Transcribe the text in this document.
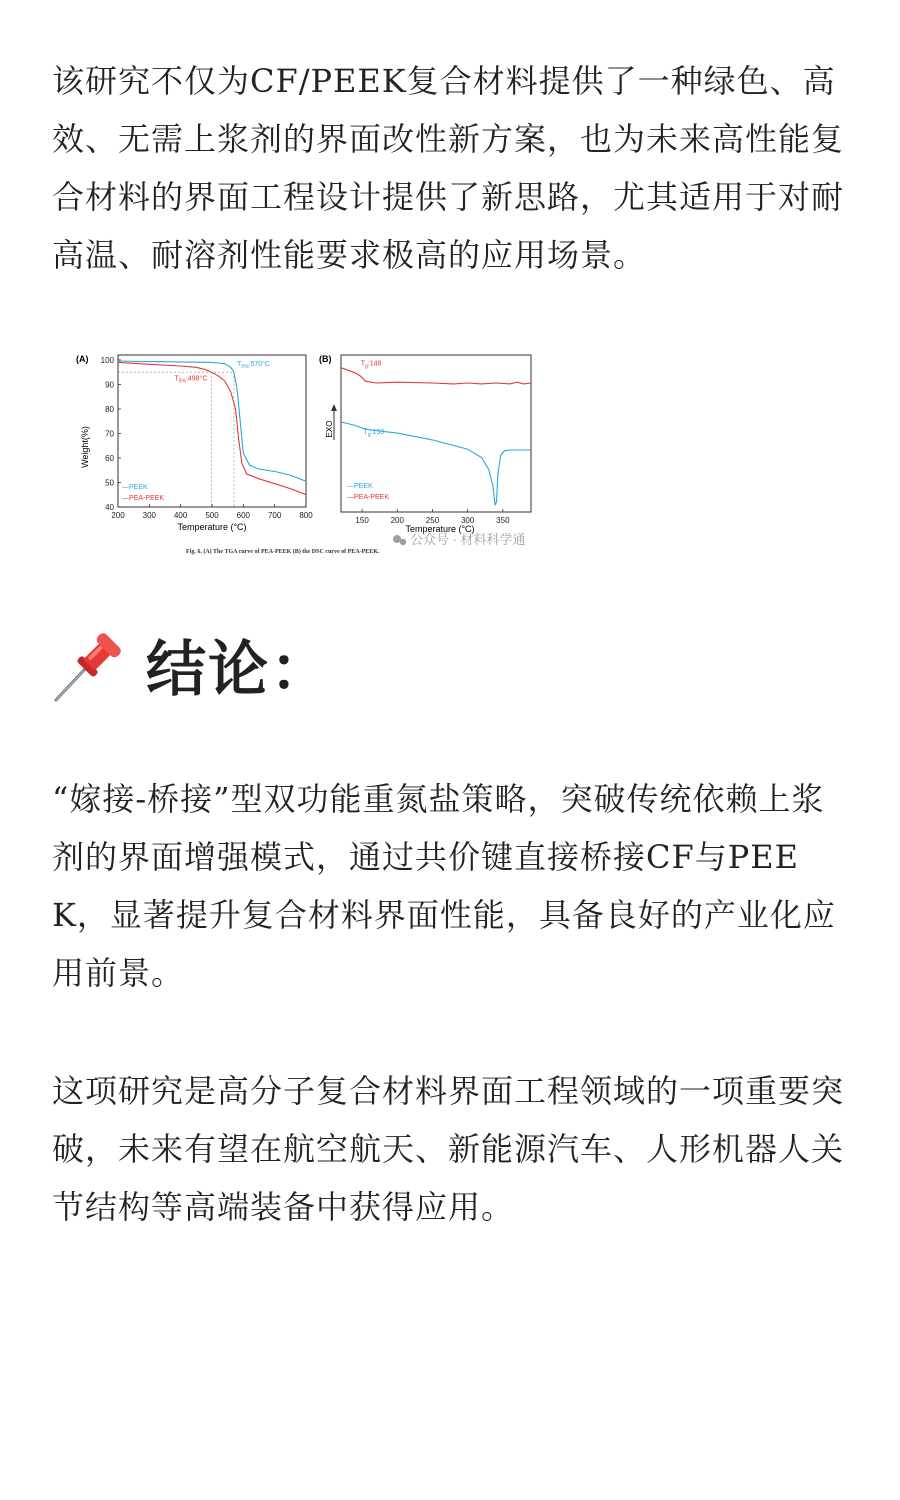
该研究不仅为CF/PEEK复合材料提供了一种绿色、高效、无需上浆剂的界面改性新方案，也为未来高性能复合材料的界面工程设计提供了新思路，尤其适用于对耐高温、耐溶剂性能要求极高的应用场景。

(A)
200 300 400 500 600 700 800
40
50
60
70
80
90
100	$T_{5\%}:570^\circ C$
$T_{5\%}:498^\circ C$
—PEEK
—PEA-PEEK
Weight(%)
Temperature (°C)
(B)
150	200	250	300	350
$T_g:148$
$T_g:150$
—PEEK
—PEA-PEEK
EXO
Temperature (°C)
Fig. 6. (A) The TGA curve of PEA-PEEK (B) the DSC curve of PEA-PEEK.
公众号 · 材料科学通
结论：

“嫁接-桥接”型双功能重氮盐策略，突破传统依赖上浆剂的界面增强模式，通过共价键直接桥接CF与PEEK，显著提升复合材料界面性能，具备良好的产业化应用前景。

这项研究是高分子复合材料界面工程领域的一项重要突破，未来有望在航空航天、新能源汽车、人形机器人关节结构等高端装备中获得应用。
